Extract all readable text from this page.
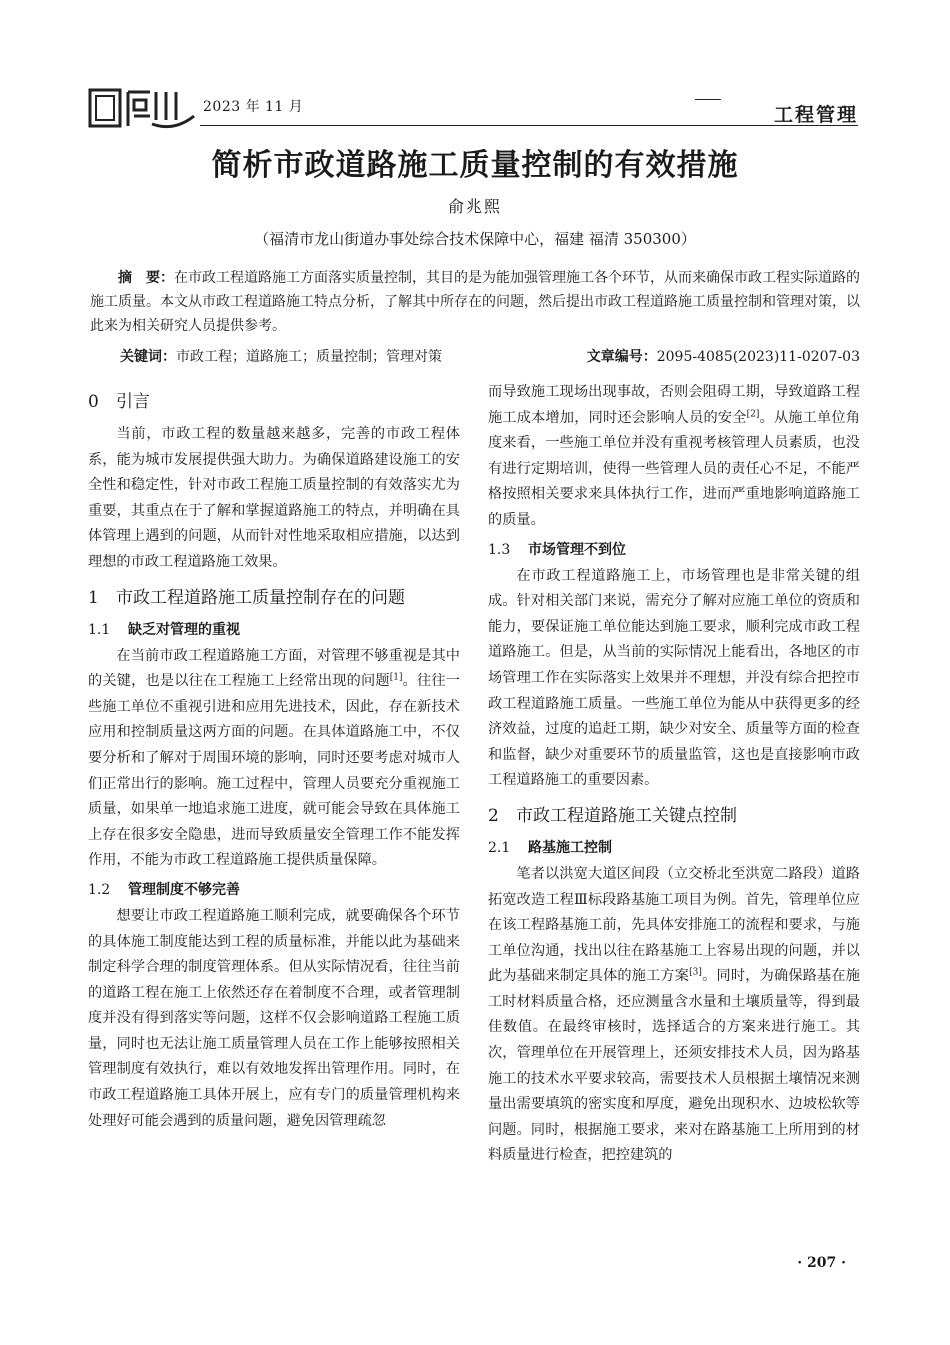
2023 年 11 月	工程管理
简析市政道路施工质量控制的有效措施
俞兆熙
（福清市龙山街道办事处综合技术保障中心，福建 福清 350300）
摘　要：在市政工程道路施工方面落实质量控制，其目的是为能加强管理施工各个环节，从而来确保市政工程实际道路的施工质量。本文从市政工程道路施工特点分析，了解其中所存在的问题，然后提出市政工程道路施工质量控制和管理对策，以此来为相关研究人员提供参考。
关键词：市政工程；道路施工；质量控制；管理对策	文章编号：2095-4085(2023)11-0207-03
0 引言

当前，市政工程的数量越来越多，完善的市政工程体系，能为城市发展提供强大助力。为确保道路建设施工的安全性和稳定性，针对市政工程施工质量控制的有效落实尤为重要，其重点在于了解和掌握道路施工的特点，并明确在具体管理上遇到的问题，从而针对性地采取相应措施，以达到理想的市政工程道路施工效果。

1 市政工程道路施工质量控制存在的问题
1.1 缺乏对管理的重视

在当前市政工程道路施工方面，对管理不够重视是其中的关键，也是以往在工程施工上经常出现的问题[1]。往往一些施工单位不重视引进和应用先进技术，因此，存在新技术应用和控制质量这两方面的问题。在具体道路施工中，不仅要分析和了解对于周围环境的影响，同时还要考虑对城市人们正常出行的影响。施工过程中，管理人员要充分重视施工质量，如果单一地追求施工进度，就可能会导致在具体施工上存在很多安全隐患，进而导致质量安全管理工作不能发挥作用，不能为市政工程道路施工提供质量保障。

1.2 管理制度不够完善

想要让市政工程道路施工顺利完成，就要确保各个环节的具体施工制度能达到工程的质量标准，并能以此为基础来制定科学合理的制度管理体系。但从实际情况看，往往当前的道路工程在施工上依然还存在着制度不合理，或者管理制度并没有得到落实等问题，这样不仅会影响道路工程施工质量，同时也无法让施工质量管理人员在工作上能够按照相关管理制度有效执行，难以有效地发挥出管理作用。同时，在市政工程道路施工具体开展上，应有专门的质量管理机构来处理好可能会遇到的质量问题，避免因管理疏忽

而导致施工现场出现事故，否则会阻碍工期，导致道路工程施工成本增加，同时还会影响人员的安全[2]。从施工单位角度来看，一些施工单位并没有重视考核管理人员素质，也没有进行定期培训，使得一些管理人员的责任心不足，不能严格按照相关要求来具体执行工作，进而严重地影响道路施工的质量。

1.3 市场管理不到位

在市政工程道路施工上，市场管理也是非常关键的组成。针对相关部门来说，需充分了解对应施工单位的资质和能力，要保证施工单位能达到施工要求，顺利完成市政工程道路施工。但是，从当前的实际情况上能看出，各地区的市场管理工作在实际落实上效果并不理想，并没有综合把控市政工程道路施工质量。一些施工单位为能从中获得更多的经济效益，过度的追赶工期，缺少对安全、质量等方面的检查和监督，缺少对重要环节的质量监管，这也是直接影响市政工程道路施工的重要因素。

2 市政工程道路施工关键点控制
2.1 路基施工控制

笔者以洪宽大道区间段（立交桥北至洪宽二路段）道路拓宽改造工程Ⅲ标段路基施工项目为例。首先，管理单位应在该工程路基施工前，先具体安排施工的流程和要求，与施工单位沟通，找出以往在路基施工上容易出现的问题，并以此为基础来制定具体的施工方案[3]。同时，为确保路基在施工时材料质量合格，还应测量含水量和土壤质量等，得到最佳数值。在最终审核时，选择适合的方案来进行施工。其次，管理单位在开展管理上，还须安排技术人员，因为路基施工的技术水平要求较高，需要技术人员根据土壤情况来测量出需要填筑的密实度和厚度，避免出现积水、边坡松软等问题。同时，根据施工要求，来对在路基施工上所用到的材料质量进行检查，把控建筑的

· 207 ·
